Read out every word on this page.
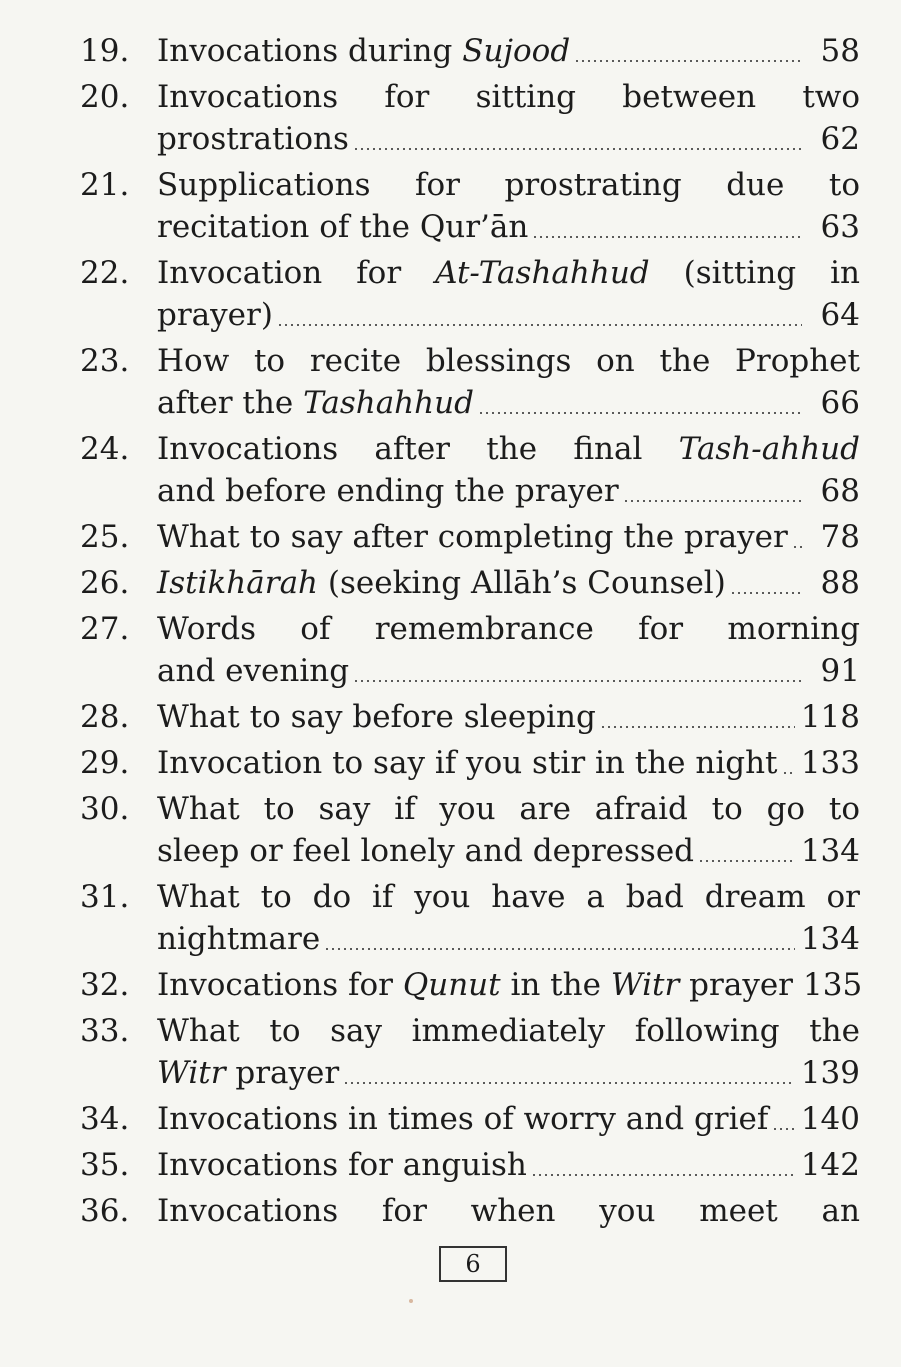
19. Invocations during Sujood	58
20. Invocations for sitting between two
prostrations	62
21. Supplications for prostrating due to
recitation of the Qur’ān	63
22. Invocation for At-Tashahhud (sitting in
prayer)	64
23. How to recite blessings on the Prophet
after the Tashahhud	66
24. Invocations after the final Tash-ahhud
and before ending the prayer	68
25. What to say after completing the prayer	78
26. Istikhārah (seeking Allāh’s Counsel)	88
27. Words of remembrance for morning
and evening	91
28. What to say before sleeping	118
29. Invocation to say if you stir in the night 133
30. What to say if you are afraid to go to
sleep or feel lonely and depressed	134
31. What to do if you have a bad dream or
nightmare	134
32. Invocations for Qunut in the Witr prayer 135
33. What to say immediately following the
Witr prayer	139
34. Invocations in times of worry and grief 140
35. Invocations for anguish	142
36. Invocations for when you meet an
6
